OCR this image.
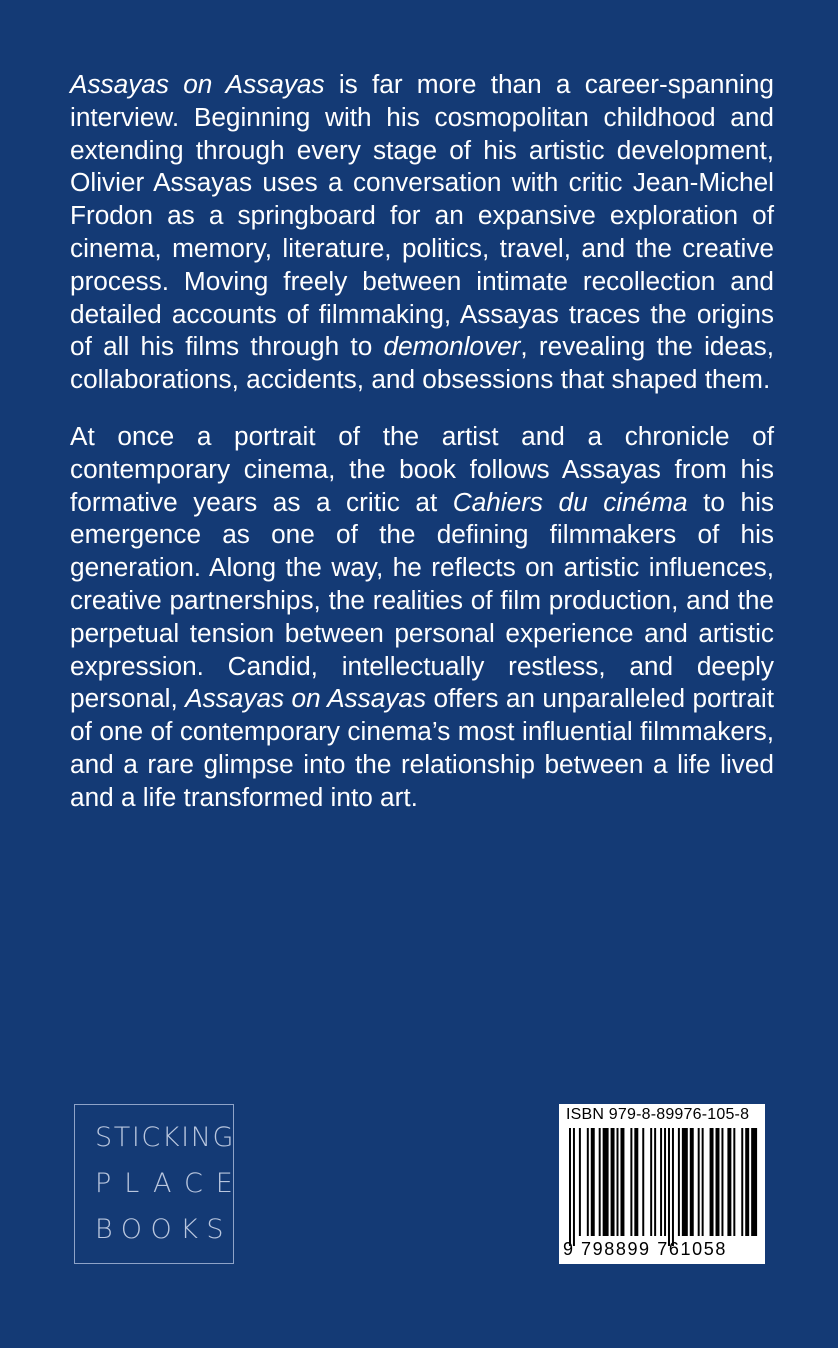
Assayas on Assayas is far more than a career-spanning interview. Beginning with his cosmopolitan childhood and extending through every stage of his artistic development, Olivier Assayas uses a conversation with critic Jean-Michel Frodon as a springboard for an expansive exploration of cinema, memory, literature, politics, travel, and the creative process. Moving freely between intimate recollection and detailed accounts of filmmaking, Assayas traces the origins of all his films through to demonlover, revealing the ideas, collaborations, accidents, and obsessions that shaped them.

At once a portrait of the artist and a chronicle of contemporary cinema, the book follows Assayas from his formative years as a critic at Cahiers du cinéma to his emergence as one of the defining filmmakers of his generation. Along the way, he reflects on artistic influences, creative partnerships, the realities of film production, and the perpetual tension between personal experience and artistic expression. Candid, intellectually restless, and deeply personal, Assayas on Assayas offers an unparalleled portrait of one of contemporary cinema’s most influential filmmakers, and a rare glimpse into the relationship between a life lived and a life transformed into art.

STICKING
PLACE
BOOKS
ISBN 979-8-89976-105-8
9 798899 761058
